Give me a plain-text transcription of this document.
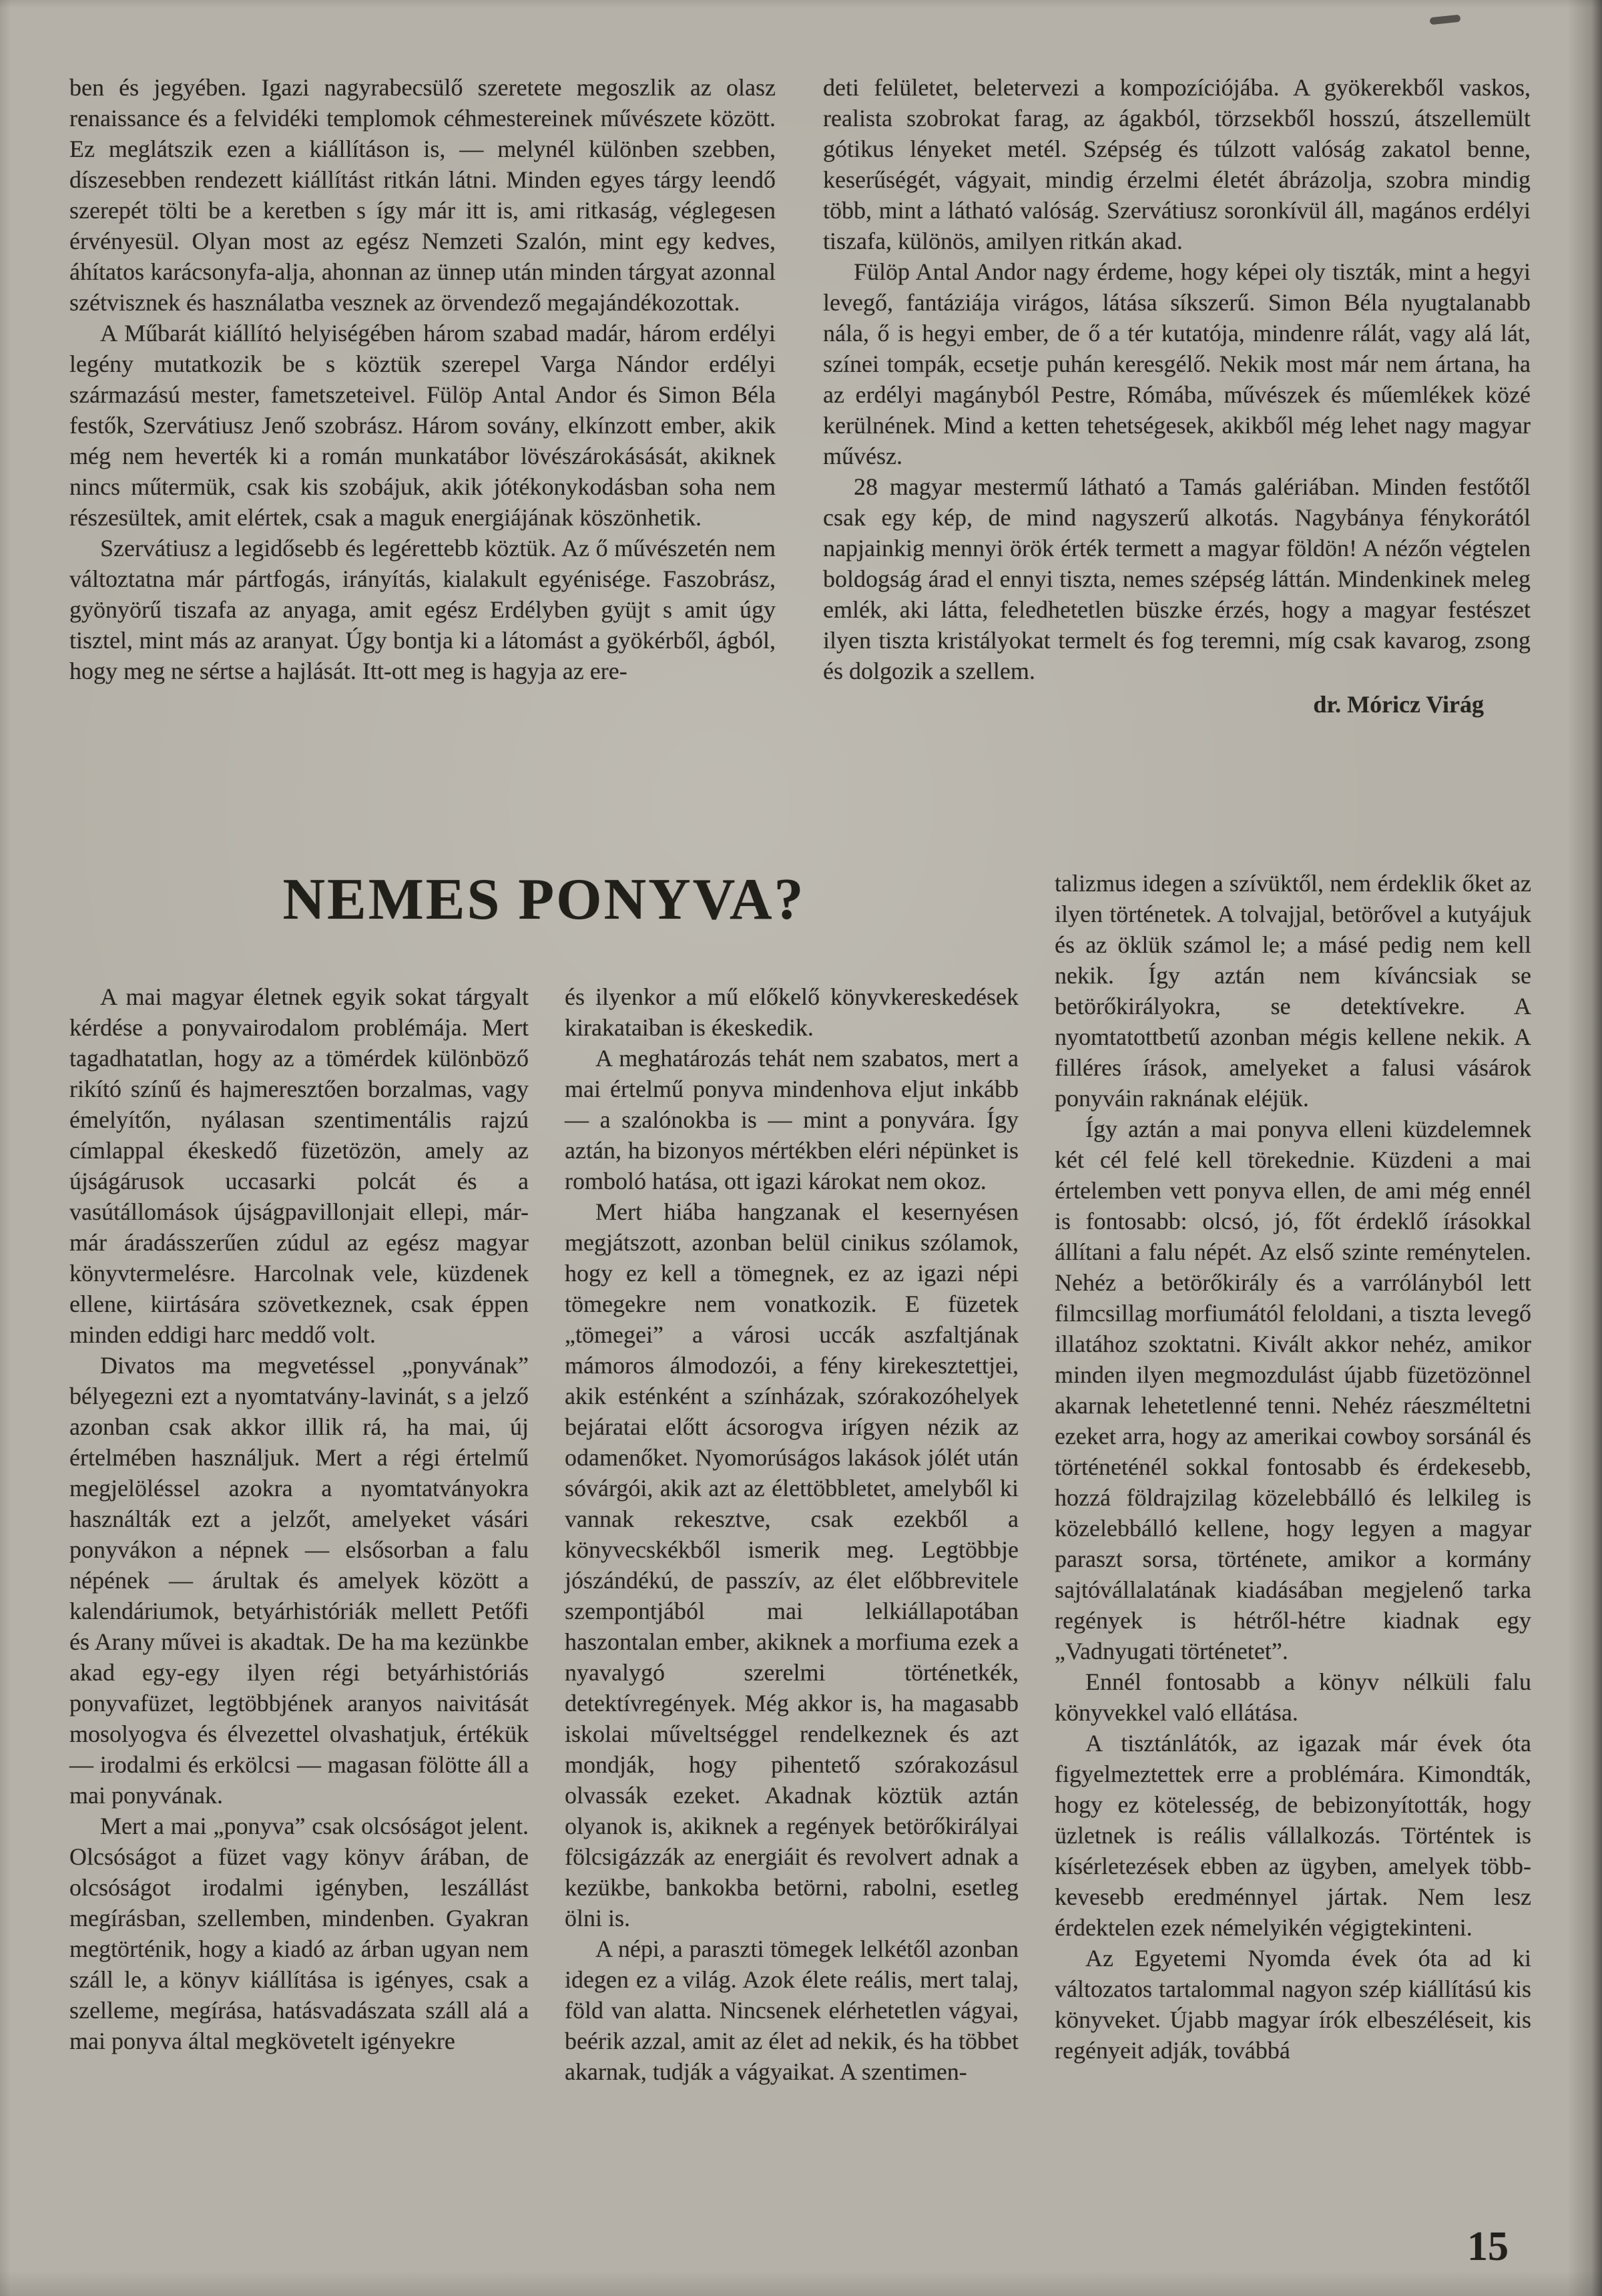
ben és jegyében. Igazi nagyrabecsülő szeretete megoszlik az olasz renaissance és a felvidéki templomok céhmestereinek művészete között. Ez meglátszik ezen a kiállításon is, — melynél különben szebben, díszesebben rendezett kiállítást ritkán látni. Minden egyes tárgy leendő szerepét tölti be a keretben s így már itt is, ami ritkaság, véglegesen érvényesül. Olyan most az egész Nemzeti Szalón, mint egy kedves, áhítatos karácsonyfa-alja, ahonnan az ünnep után minden tárgyat azonnal szétvisznek és használatba vesznek az örvendező megajándékozottak.

A Műbarát kiállító helyiségében három szabad madár, három erdélyi legény mutatkozik be s köztük szerepel Varga Nándor erdélyi származású mester, fametszeteivel. Fülöp Antal Andor és Simon Béla festők, Szervátiusz Jenő szobrász. Három sovány, elkínzott ember, akik még nem heverték ki a román munkatábor lövészárokásását, akiknek nincs műtermük, csak kis szobájuk, akik jótékonykodásban soha nem részesültek, amit elértek, csak a maguk energiájának köszönhetik.

Szervátiusz a legidősebb és legérettebb köztük. Az ő művészetén nem változtatna már pártfogás, irányítás, kialakult egyénisége. Faszobrász, gyönyörű tiszafa az anyaga, amit egész Erdélyben gyüjt s amit úgy tisztel, mint más az aranyat. Úgy bontja ki a látomást a gyökérből, ágból, hogy meg ne sértse a hajlását. Itt-ott meg is hagyja az ere-

deti felületet, beletervezi a kompozíciójába. A gyökerekből vaskos, realista szobrokat farag, az ágakból, törzsekből hosszú, átszellemült gótikus lényeket metél. Szépség és túlzott valóság zakatol benne, keserűségét, vágyait, mindig érzelmi életét ábrázolja, szobra mindig több, mint a látható valóság. Szervátiusz soronkívül áll, magános erdélyi tiszafa, különös, amilyen ritkán akad.

Fülöp Antal Andor nagy érdeme, hogy képei oly tiszták, mint a hegyi levegő, fantáziája virágos, látása síkszerű. Simon Béla nyugtalanabb nála, ő is hegyi ember, de ő a tér kutatója, mindenre rálát, vagy alá lát, színei tompák, ecsetje puhán keresgélő. Nekik most már nem ártana, ha az erdélyi magányból Pestre, Rómába, művészek és műemlékek közé kerülnének. Mind a ketten tehetségesek, akikből még lehet nagy magyar művész.

28 magyar mestermű látható a Tamás galériában. Minden festőtől csak egy kép, de mind nagyszerű alkotás. Nagybánya fénykorától napjainkig mennyi örök érték termett a magyar földön! A nézőn végtelen boldogság árad el ennyi tiszta, nemes szépség láttán. Mindenkinek meleg emlék, aki látta, feledhetetlen büszke érzés, hogy a magyar festészet ilyen tiszta kristályokat termelt és fog teremni, míg csak kavarog, zsong és dolgozik a szellem.

dr. Móricz Virág

NEMES PONYVA?

A mai magyar életnek egyik sokat tárgyalt kérdése a ponyvairodalom problémája. Mert tagadhatatlan, hogy az a tömérdek különböző rikító színű és hajmeresztően borzalmas, vagy émelyítőn, nyálasan szentimentális rajzú címlappal ékeskedő füzetözön, amely az újságárusok uccasarki polcát és a vasútállomások újságpavillonjait ellepi, már-már áradásszerűen zúdul az egész magyar könyvtermelésre. Harcolnak vele, küzdenek ellene, kiirtására szövetkeznek, csak éppen minden eddigi harc meddő volt.

Divatos ma megvetéssel „ponyvának” bélyegezni ezt a nyomtatvány-lavinát, s a jelző azonban csak akkor illik rá, ha mai, új értelmében használjuk. Mert a régi értelmű megjelöléssel azokra a nyomtatványokra használták ezt a jelzőt, amelyeket vásári ponyvákon a népnek — elsősorban a falu népének — árultak és amelyek között a kalendáriumok, betyárhistóriák mellett Petőfi és Arany művei is akadtak. De ha ma kezünkbe akad egy-egy ilyen régi betyárhistóriás ponyvafüzet, legtöbbjének aranyos naivitását mosolyogva és élvezettel olvashatjuk, értékük — irodalmi és erkölcsi — magasan fölötte áll a mai ponyvának.

Mert a mai „ponyva” csak olcsóságot jelent. Olcsóságot a füzet vagy könyv árában, de olcsóságot irodalmi igényben, leszállást megírásban, szellemben, mindenben. Gyakran megtörténik, hogy a kiadó az árban ugyan nem száll le, a könyv kiállítása is igényes, csak a szelleme, megírása, hatásvadászata száll alá a mai ponyva által megkövetelt igényekre

és ilyenkor a mű előkelő könyvkereskedések kirakataiban is ékeskedik.

A meghatározás tehát nem szabatos, mert a mai értelmű ponyva mindenhova eljut inkább — a szalónokba is — mint a ponyvára. Így aztán, ha bizonyos mértékben eléri népünket is romboló hatása, ott igazi károkat nem okoz.

Mert hiába hangzanak el kesernyésen megjátszott, azonban belül cinikus szólamok, hogy ez kell a tömegnek, ez az igazi népi tömegekre nem vonatkozik. E füzetek „tömegei” a városi uccák aszfaltjának mámoros álmodozói, a fény kirekesztettjei, akik esténként a színházak, szórakozóhelyek bejáratai előtt ácsorogva irígyen nézik az odamenőket. Nyomorúságos lakások jólét után sóvárgói, akik azt az élettöbbletet, amelyből ki vannak rekesztve, csak ezekből a könyvecskékből ismerik meg. Legtöbbje jószándékú, de passzív, az élet előbbrevitele szempontjából mai lelkiállapotában haszontalan ember, akiknek a morfiuma ezek a nyavalygó szerelmi történetkék, detektívregények. Még akkor is, ha magasabb iskolai műveltséggel rendelkeznek és azt mondják, hogy pihentető szórakozásul olvassák ezeket. Akadnak köztük aztán olyanok is, akiknek a regények betörőkirályai fölcsigázzák az energiáit és revolvert adnak a kezükbe, bankokba betörni, rabolni, esetleg ölni is.

A népi, a paraszti tömegek lelkétől azonban idegen ez a világ. Azok élete reális, mert talaj, föld van alatta. Nincsenek elérhetetlen vágyai, beérik azzal, amit az élet ad nekik, és ha többet akarnak, tudják a vágyaikat. A szentimen-

talizmus idegen a szívüktől, nem érdeklik őket az ilyen történetek. A tolvajjal, betörővel a kutyájuk és az öklük számol le; a másé pedig nem kell nekik. Így aztán nem kíváncsiak se betörőkirályokra, se detektívekre. A nyomtatottbetű azonban mégis kellene nekik. A filléres írások, amelyeket a falusi vásárok ponyváin raknának eléjük.

Így aztán a mai ponyva elleni küzdelemnek két cél felé kell törekednie. Küzdeni a mai értelemben vett ponyva ellen, de ami még ennél is fontosabb: olcsó, jó, főt érdeklő írásokkal állítani a falu népét. Az első szinte reménytelen. Nehéz a betörőkirály és a varrólányból lett filmcsillag morfiumától feloldani, a tiszta levegő illatához szoktatni. Kivált akkor nehéz, amikor minden ilyen megmozdulást újabb füzetözönnel akarnak lehetetlenné tenni. Nehéz ráeszméltetni ezeket arra, hogy az amerikai cowboy sorsánál és történeténél sokkal fontosabb és érdekesebb, hozzá földrajzilag közelebbálló és lelkileg is közelebbálló kellene, hogy legyen a magyar paraszt sorsa, története, amikor a kormány sajtóvállalatának kiadásában megjelenő tarka regények is hétről-hétre kiadnak egy „Vadnyugati történetet”.

Ennél fontosabb a könyv nélküli falu könyvekkel való ellátása.

A tisztánlátók, az igazak már évek óta figyelmeztettek erre a problémára. Kimondták, hogy ez kötelesség, de bebizonyították, hogy üzletnek is reális vállalkozás. Történtek is kísérletezések ebben az ügyben, amelyek több-kevesebb eredménnyel jártak. Nem lesz érdektelen ezek némelyikén végigtekinteni.

Az Egyetemi Nyomda évek óta ad ki változatos tartalommal nagyon szép kiállítású kis könyveket. Újabb magyar írók elbeszéléseit, kis regényeit adják, továbbá

15
